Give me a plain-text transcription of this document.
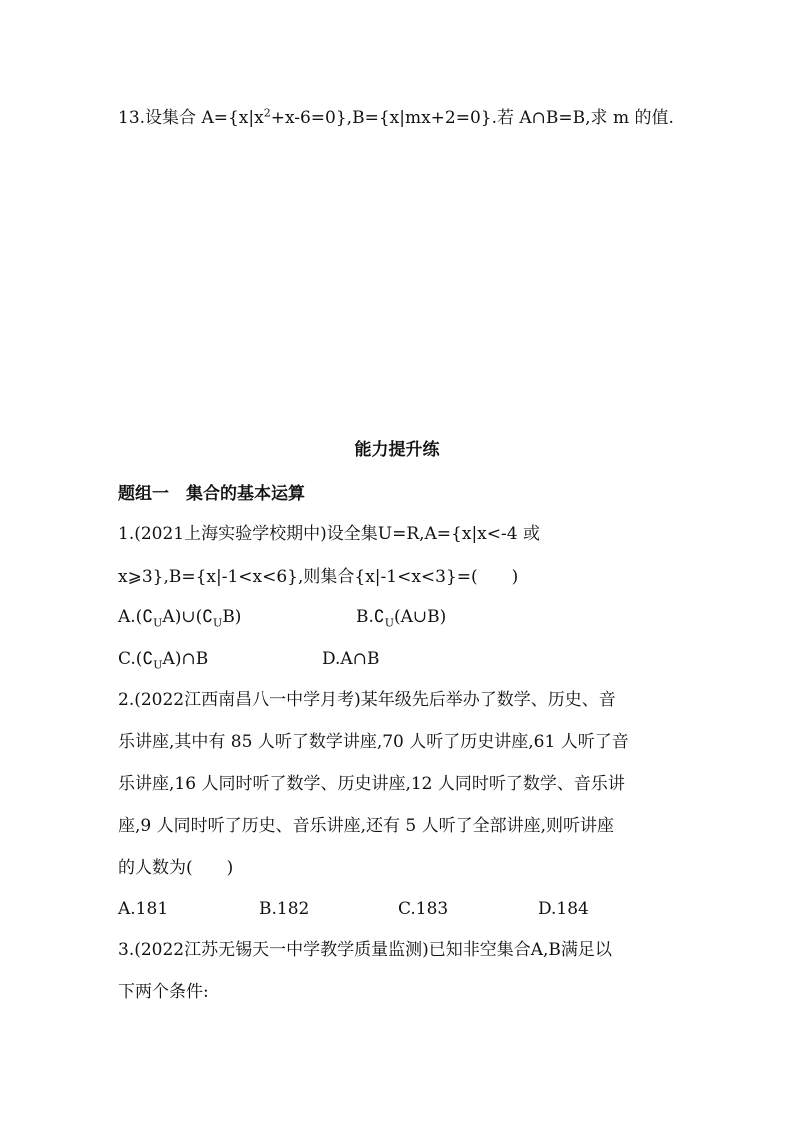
13.设集合 $A=\{x|x^2+x-6=0\},B=\{x|mx+2=0\}$.若 A∩B=B,求 m 的值.
能力提升练
题组一　集合的基本运算
1.(2021上海实验学校期中)设全集U=R,A={x|x<-4 或
x⩾3},B={x|-1<x<6},则集合{x|-1<x<3}=(　　)
$A.(∁_UA)\cup(∁_UB)$	$B.∁_U(A\cup B)$
$C.(∁_UA)\cap B$	D.A∩B
2.(2022江西南昌八一中学月考)某年级先后举办了数学、历史、音
乐讲座,其中有 85 人听了数学讲座,70 人听了历史讲座,61 人听了音
乐讲座,16 人同时听了数学、历史讲座,12 人同时听了数学、音乐讲
座,9 人同时听了历史、音乐讲座,还有 5 人听了全部讲座,则听讲座
的人数为(　　)
A.181	B.182	C.183	D.184
3.(2022江苏无锡天一中学教学质量监测)已知非空集合A,B满足以
下两个条件:
